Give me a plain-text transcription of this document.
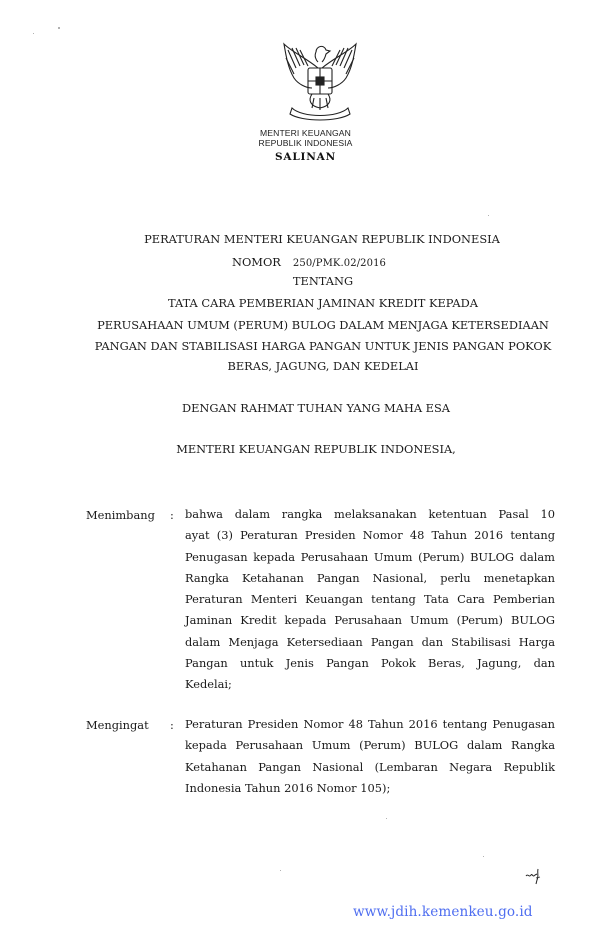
MENTERI KEUANGAN
REPUBLIK INDONESIA
SALINAN
PERATURAN MENTERI KEUANGAN REPUBLIK INDONESIA
NOMOR 250/PMK.02/2016
TENTANG
TATA CARA PEMBERIAN JAMINAN KREDIT KEPADA
PERUSAHAAN UMUM (PERUM) BULOG DALAM MENJAGA KETERSEDIAAN
PANGAN DAN STABILISASI HARGA PANGAN UNTUK JENIS PANGAN POKOK
BERAS, JAGUNG, DAN KEDELAI
DENGAN RAHMAT TUHAN YANG MAHA ESA
MENTERI KEUANGAN REPUBLIK INDONESIA,
Menimbang : bahwa dalam rangka melaksanakan ketentuan Pasal 10
ayat (3) Peraturan Presiden Nomor 48 Tahun 2016 tentang
Penugasan kepada Perusahaan Umum (Perum) BULOG dalam
Rangka Ketahanan Pangan Nasional, perlu menetapkan
Peraturan Menteri Keuangan tentang Tata Cara Pemberian
Jaminan Kredit kepada Perusahaan Umum (Perum) BULOG
dalam Menjaga Ketersediaan Pangan dan Stabilisasi Harga
Pangan untuk Jenis Pangan Pokok Beras, Jagung, dan
Kedelai;
Mengingat : Peraturan Presiden Nomor 48 Tahun 2016 tentang Penugasan
kepada Perusahaan Umum (Perum) BULOG dalam Rangka
Ketahanan Pangan Nasional (Lembaran Negara Republik
Indonesia Tahun 2016 Nomor 105);
www.jdih.kemenkeu.go.id
